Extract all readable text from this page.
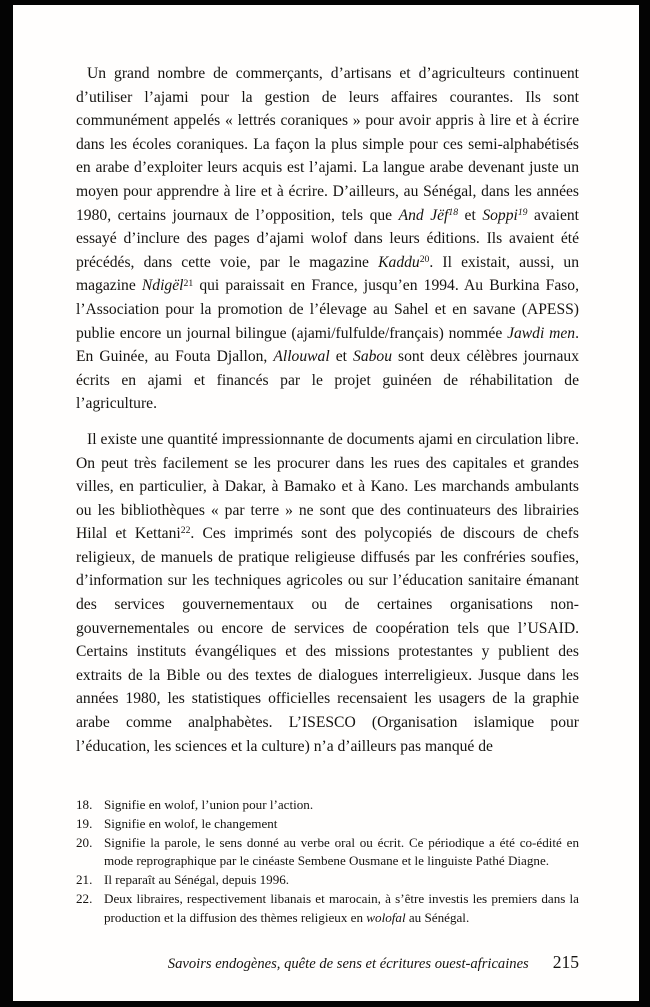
Un grand nombre de commerçants, d’artisans et d’agriculteurs continuent d’utiliser l’ajami pour la gestion de leurs affaires courantes. Ils sont communément appelés « lettrés coraniques » pour avoir appris à lire et à écrire dans les écoles coraniques. La façon la plus simple pour ces semi-alphabétisés en arabe d’exploiter leurs acquis est l’ajami. La langue arabe devenant juste un moyen pour apprendre à lire et à écrire. D’ailleurs, au Sénégal, dans les années 1980, certains journaux de l’opposition, tels que And Jëf$^{18}$ et Soppi$^{19}$ avaient essayé d’inclure des pages d’ajami wolof dans leurs éditions. Ils avaient été précédés, dans cette voie, par le magazine Kaddu$^{20}$. Il existait, aussi, un magazine Ndigël$^{21}$ qui paraissait en France, jusqu’en 1994. Au Burkina Faso, l’Association pour la promotion de l’élevage au Sahel et en savane (APESS) publie encore un journal bilingue (ajami/fulfulde/français) nommée Jawdi men. En Guinée, au Fouta Djallon, Allouwal et Sabou sont deux célèbres journaux écrits en ajami et financés par le projet guinéen de réhabilitation de l’agriculture.

Il existe une quantité impressionnante de documents ajami en circulation libre. On peut très facilement se les procurer dans les rues des capitales et grandes villes, en particulier, à Dakar, à Bamako et à Kano. Les marchands ambulants ou les bibliothèques « par terre » ne sont que des continuateurs des librairies Hilal et Kettani$^{22}$. Ces imprimés sont des polycopiés de discours de chefs religieux, de manuels de pratique religieuse diffusés par les confréries soufies, d’information sur les techniques agricoles ou sur l’éducation sanitaire émanant des services gouvernementaux ou de certaines organisations non-gouvernementales ou encore de services de coopération tels que l’USAID. Certains instituts évangéliques et des missions protestantes y publient des extraits de la Bible ou des textes de dialogues interreligieux. Jusque dans les années 1980, les statistiques officielles recensaient les usagers de la graphie arabe comme analphabètes. L’ISESCO (Organisation islamique pour l’éducation, les sciences et la culture) n’a d’ailleurs pas manqué de

18. Signifie en wolof, l’union pour l’action.
19. Signifie en wolof, le changement
20. Signifie la parole, le sens donné au verbe oral ou écrit. Ce périodique a été co-édité en mode reprographique par le cinéaste Sembene Ousmane et le linguiste Pathé Diagne.
21. Il reparaît au Sénégal, depuis 1996.
22. Deux libraires, respectivement libanais et marocain, à s’être investis les premiers dans la production et la diffusion des thèmes religieux en wolofal au Sénégal.
Savoirs endogènes, quête de sens et écritures ouest-africaines 215
